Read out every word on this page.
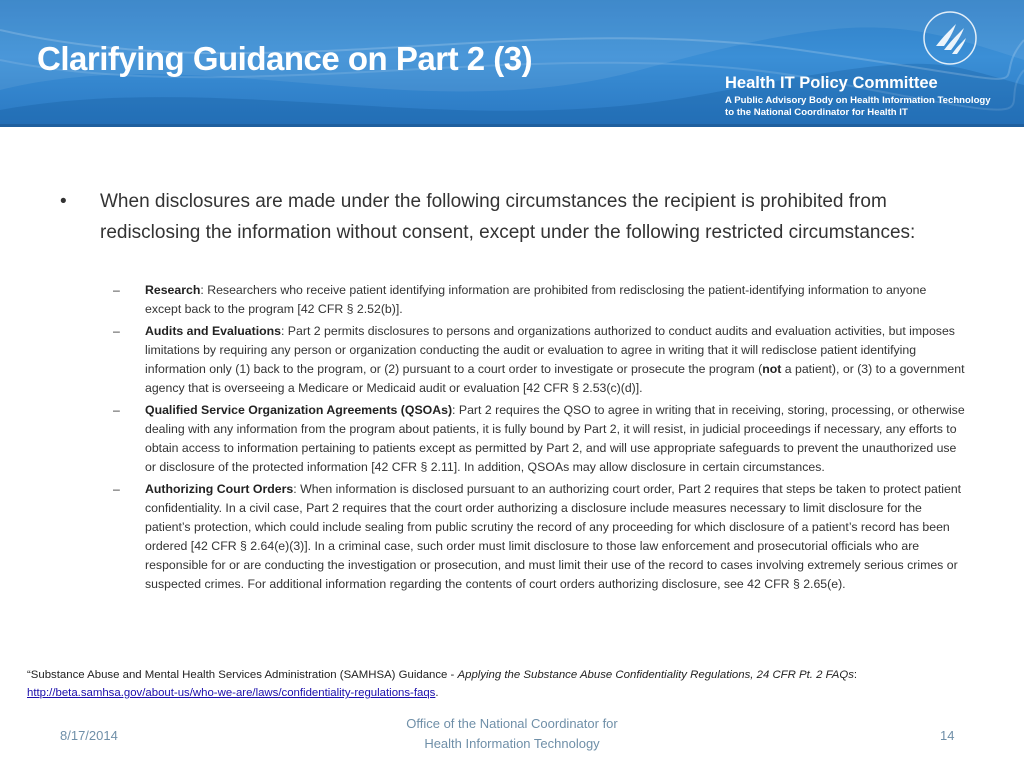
Clarifying Guidance on Part 2 (3)
Health IT Policy Committee
A Public Advisory Body on Health Information Technology
to the National Coordinator for Health IT
• When disclosures are made under the following circumstances the recipient is prohibited from redisclosing the information without consent, except under the following restricted circumstances:
– Research: Researchers who receive patient identifying information are prohibited from redisclosing the patient-identifying information to anyone except back to the program [42 CFR § 2.52(b)].
– Audits and Evaluations: Part 2 permits disclosures to persons and organizations authorized to conduct audits and evaluation activities, but imposes limitations by requiring any person or organization conducting the audit or evaluation to agree in writing that it will redisclose patient identifying information only (1) back to the program, or (2) pursuant to a court order to investigate or prosecute the program (not a patient), or (3) to a government agency that is overseeing a Medicare or Medicaid audit or evaluation [42 CFR § 2.53(c)(d)].
– Qualified Service Organization Agreements (QSOAs): Part 2 requires the QSO to agree in writing that in receiving, storing, processing, or otherwise dealing with any information from the program about patients, it is fully bound by Part 2, it will resist, in judicial proceedings if necessary, any efforts to obtain access to information pertaining to patients except as permitted by Part 2, and will use appropriate safeguards to prevent the unauthorized use or disclosure of the protected information [42 CFR § 2.11]. In addition, QSOAs may allow disclosure in certain circumstances.
– Authorizing Court Orders: When information is disclosed pursuant to an authorizing court order, Part 2 requires that steps be taken to protect patient confidentiality. In a civil case, Part 2 requires that the court order authorizing a disclosure include measures necessary to limit disclosure for the patient’s protection, which could include sealing from public scrutiny the record of any proceeding for which disclosure of a patient’s record has been ordered [42 CFR § 2.64(e)(3)]. In a criminal case, such order must limit disclosure to those law enforcement and prosecutorial officials who are responsible for or are conducting the investigation or prosecution, and must limit their use of the record to cases involving extremely serious crimes or suspected crimes. For additional information regarding the contents of court orders authorizing disclosure, see 42 CFR § 2.65(e).
“Substance Abuse and Mental Health Services Administration (SAMHSA) Guidance - Applying the Substance Abuse Confidentiality Regulations, 24 CFR Pt. 2 FAQs:
http://beta.samhsa.gov/about-us/who-we-are/laws/confidentiality-regulations-faqs.
8/17/2014
Office of the National Coordinator for
Health Information Technology
14
